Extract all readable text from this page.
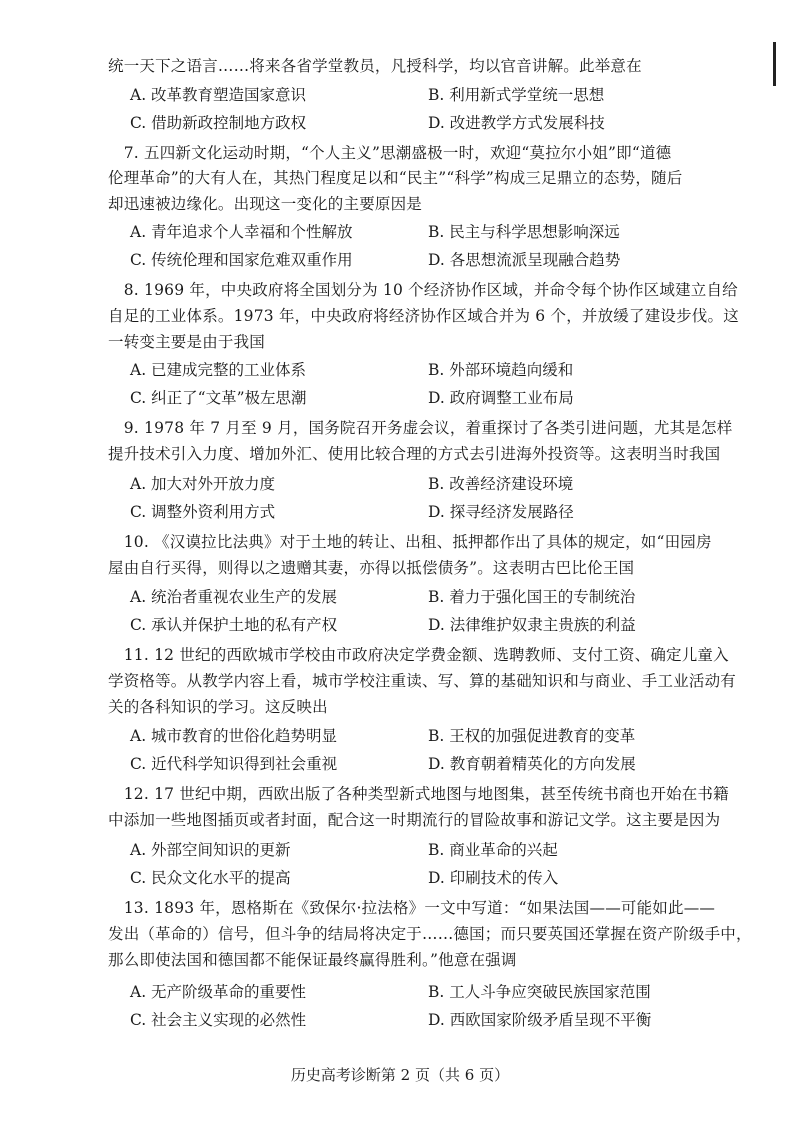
统一天下之语言……将来各省学堂教员，凡授科学，均以官音讲解。此举意在
A. 改革教育塑造国家意识	B. 利用新式学堂统一思想
C. 借助新政控制地方政权	D. 改进教学方式发展科技
　7. 五四新文化运动时期，“个人主义”思潮盛极一时，欢迎“莫拉尔小姐”即“道德
伦理革命”的大有人在，其热门程度足以和“民主”“科学”构成三足鼎立的态势，随后
却迅速被边缘化。出现这一变化的主要原因是
A. 青年追求个人幸福和个性解放	B. 民主与科学思想影响深远
C. 传统伦理和国家危难双重作用	D. 各思想流派呈现融合趋势
　8. 1969 年，中央政府将全国划分为 10 个经济协作区域，并命令每个协作区域建立自给
自足的工业体系。1973 年，中央政府将经济协作区域合并为 6 个，并放缓了建设步伐。这
一转变主要是由于我国
A. 已建成完整的工业体系	B. 外部环境趋向缓和
C. 纠正了“文革”极左思潮	D. 政府调整工业布局
　9. 1978 年 7 月至 9 月，国务院召开务虚会议，着重探讨了各类引进问题，尤其是怎样
提升技术引入力度、增加外汇、使用比较合理的方式去引进海外投资等。这表明当时我国
A. 加大对外开放力度	B. 改善经济建设环境
C. 调整外资利用方式	D. 探寻经济发展路径
　10. 《汉谟拉比法典》对于土地的转让、出租、抵押都作出了具体的规定，如“田园房
屋由自行买得，则得以之遗赠其妻，亦得以抵偿债务”。这表明古巴比伦王国
A. 统治者重视农业生产的发展	B. 着力于强化国王的专制统治
C. 承认并保护土地的私有产权	D. 法律维护奴隶主贵族的利益
　11. 12 世纪的西欧城市学校由市政府决定学费金额、选聘教师、支付工资、确定儿童入
学资格等。从教学内容上看，城市学校注重读、写、算的基础知识和与商业、手工业活动有
关的各科知识的学习。这反映出
A. 城市教育的世俗化趋势明显	B. 王权的加强促进教育的变革
C. 近代科学知识得到社会重视	D. 教育朝着精英化的方向发展
　12. 17 世纪中期，西欧出版了各种类型新式地图与地图集，甚至传统书商也开始在书籍
中添加一些地图插页或者封面，配合这一时期流行的冒险故事和游记文学。这主要是因为
A. 外部空间知识的更新	B. 商业革命的兴起
C. 民众文化水平的提高	D. 印刷技术的传入
　13. 1893 年，恩格斯在《致保尔·拉法格》一文中写道：“如果法国——可能如此——
发出（革命的）信号，但斗争的结局将决定于……德国；而只要英国还掌握在资产阶级手中，
那么即使法国和德国都不能保证最终赢得胜利。”他意在强调
A. 无产阶级革命的重要性	B. 工人斗争应突破民族国家范围
C. 社会主义实现的必然性	D. 西欧国家阶级矛盾呈现不平衡
历史高考诊断第 2 页（共 6 页）
